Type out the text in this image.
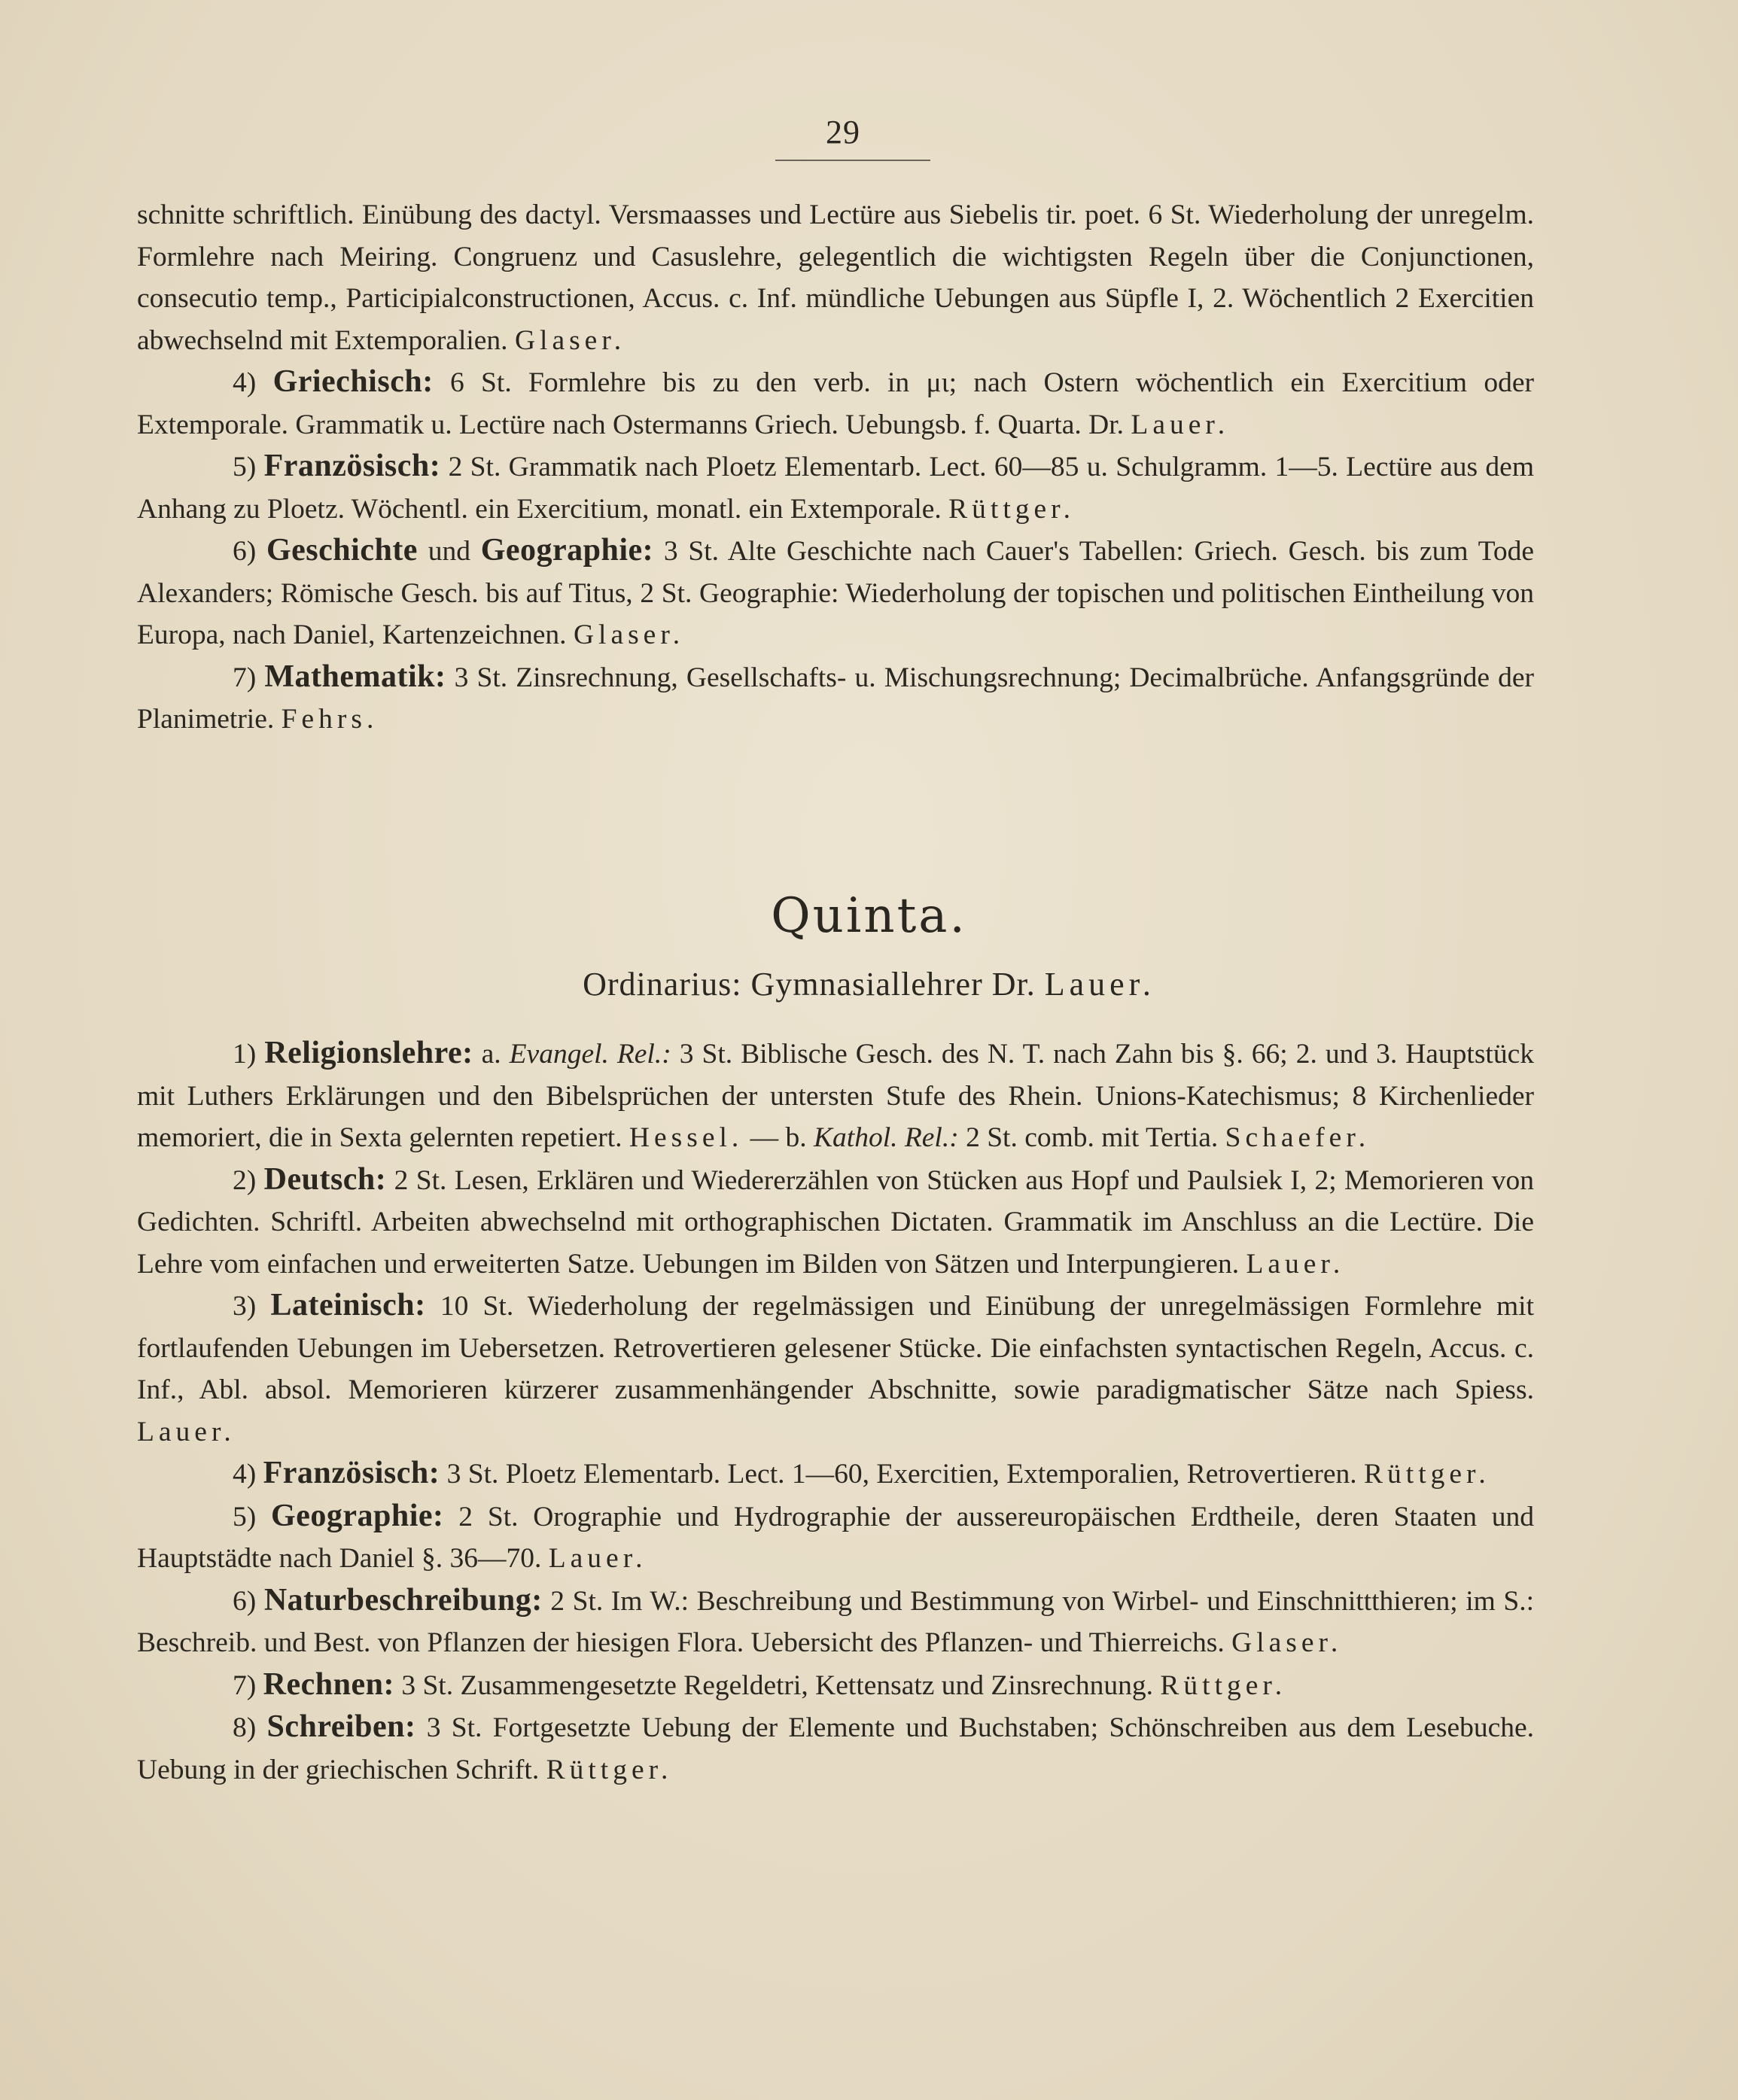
29

schnitte schriftlich. Einübung des dactyl. Versmaasses und Lectüre aus Siebelis tir. poet. 6 St. Wiederholung der unregelm. Formlehre nach Meiring. Congruenz und Casuslehre, gelegentlich die wichtigsten Regeln über die Conjunctionen, consecutio temp., Participialconstructionen, Accus. c. Inf. mündliche Uebungen aus Süpfle I, 2. Wöchentlich 2 Exercitien abwechselnd mit Extemporalien. Glaser.

4) Griechisch: 6 St. Formlehre bis zu den verb. in μι; nach Ostern wöchentlich ein Exercitium oder Extemporale. Grammatik u. Lectüre nach Ostermanns Griech. Uebungsb. f. Quarta. Dr. Lauer.

5) Französisch: 2 St. Grammatik nach Ploetz Elementarb. Lect. 60—85 u. Schulgramm. 1—5. Lectüre aus dem Anhang zu Ploetz. Wöchentl. ein Exercitium, monatl. ein Extemporale. Rüttger.

6) Geschichte und Geographie: 3 St. Alte Geschichte nach Cauer's Tabellen: Griech. Gesch. bis zum Tode Alexanders; Römische Gesch. bis auf Titus, 2 St. Geographie: Wiederholung der topischen und politischen Eintheilung von Europa, nach Daniel, Kartenzeichnen. Glaser.

7) Mathematik: 3 St. Zinsrechnung, Gesellschafts- u. Mischungsrechnung; Decimalbrüche. Anfangsgründe der Planimetrie. Fehrs.

Quinta.
Ordinarius: Gymnasiallehrer Dr. Lauer.

1) Religionslehre: a. Evangel. Rel.: 3 St. Biblische Gesch. des N. T. nach Zahn bis §. 66; 2. und 3. Hauptstück mit Luthers Erklärungen und den Bibelsprüchen der untersten Stufe des Rhein. Unions-Katechismus; 8 Kirchenlieder memoriert, die in Sexta gelernten repetiert. Hessel. — b. Kathol. Rel.: 2 St. comb. mit Tertia. Schaefer.

2) Deutsch: 2 St. Lesen, Erklären und Wiedererzählen von Stücken aus Hopf und Paulsiek I, 2; Memorieren von Gedichten. Schriftl. Arbeiten abwechselnd mit orthographischen Dictaten. Grammatik im Anschluss an die Lectüre. Die Lehre vom einfachen und erweiterten Satze. Uebungen im Bilden von Sätzen und Interpungieren. Lauer.

3) Lateinisch: 10 St. Wiederholung der regelmässigen und Einübung der unregelmässigen Formlehre mit fortlaufenden Uebungen im Uebersetzen. Retrovertieren gelesener Stücke. Die einfachsten syntactischen Regeln, Accus. c. Inf., Abl. absol. Memorieren kürzerer zusammenhängender Abschnitte, sowie paradigmatischer Sätze nach Spiess. Lauer.

4) Französisch: 3 St. Ploetz Elementarb. Lect. 1—60, Exercitien, Extemporalien, Retrovertieren. Rüttger.

5) Geographie: 2 St. Orographie und Hydrographie der aussereuropäischen Erdtheile, deren Staaten und Hauptstädte nach Daniel §. 36—70. Lauer.

6) Naturbeschreibung: 2 St. Im W.: Beschreibung und Bestimmung von Wirbel- und Einschnittthieren; im S.: Beschreib. und Best. von Pflanzen der hiesigen Flora. Uebersicht des Pflanzen- und Thierreichs. Glaser.

7) Rechnen: 3 St. Zusammengesetzte Regeldetri, Kettensatz und Zinsrechnung. Rüttger.

8) Schreiben: 3 St. Fortgesetzte Uebung der Elemente und Buchstaben; Schönschreiben aus dem Lesebuche. Uebung in der griechischen Schrift. Rüttger.
